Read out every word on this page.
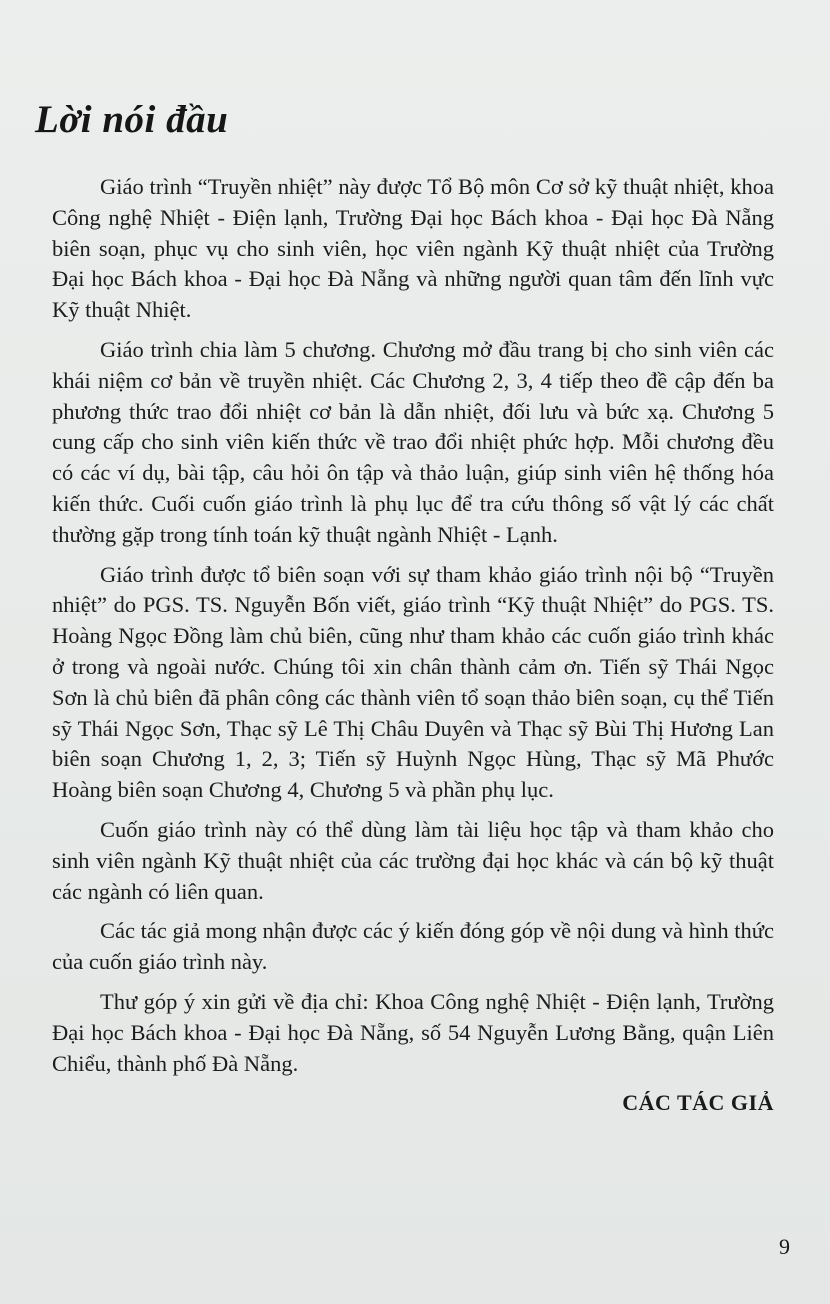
Lời nói đầu

Giáo trình “Truyền nhiệt” này được Tổ Bộ môn Cơ sở kỹ thuật nhiệt, khoa Công nghệ Nhiệt - Điện lạnh, Trường Đại học Bách khoa - Đại học Đà Nẵng biên soạn, phục vụ cho sinh viên, học viên ngành Kỹ thuật nhiệt của Trường Đại học Bách khoa - Đại học Đà Nẵng và những người quan tâm đến lĩnh vực Kỹ thuật Nhiệt.

Giáo trình chia làm 5 chương. Chương mở đầu trang bị cho sinh viên các khái niệm cơ bản về truyền nhiệt. Các Chương 2, 3, 4 tiếp theo đề cập đến ba phương thức trao đổi nhiệt cơ bản là dẫn nhiệt, đối lưu và bức xạ. Chương 5 cung cấp cho sinh viên kiến thức về trao đổi nhiệt phức hợp. Mỗi chương đều có các ví dụ, bài tập, câu hỏi ôn tập và thảo luận, giúp sinh viên hệ thống hóa kiến thức. Cuối cuốn giáo trình là phụ lục để tra cứu thông số vật lý các chất thường gặp trong tính toán kỹ thuật ngành Nhiệt - Lạnh.

Giáo trình được tổ biên soạn với sự tham khảo giáo trình nội bộ “Truyền nhiệt” do PGS. TS. Nguyễn Bốn viết, giáo trình “Kỹ thuật Nhiệt” do PGS. TS. Hoàng Ngọc Đồng làm chủ biên, cũng như tham khảo các cuốn giáo trình khác ở trong và ngoài nước. Chúng tôi xin chân thành cảm ơn. Tiến sỹ Thái Ngọc Sơn là chủ biên đã phân công các thành viên tổ soạn thảo biên soạn, cụ thể Tiến sỹ Thái Ngọc Sơn, Thạc sỹ Lê Thị Châu Duyên và Thạc sỹ Bùi Thị Hương Lan biên soạn Chương 1, 2, 3; Tiến sỹ Huỳnh Ngọc Hùng, Thạc sỹ Mã Phước Hoàng biên soạn Chương 4, Chương 5 và phần phụ lục.

Cuốn giáo trình này có thể dùng làm tài liệu học tập và tham khảo cho sinh viên ngành Kỹ thuật nhiệt của các trường đại học khác và cán bộ kỹ thuật các ngành có liên quan.

Các tác giả mong nhận được các ý kiến đóng góp về nội dung và hình thức của cuốn giáo trình này.

Thư góp ý xin gửi về địa chỉ: Khoa Công nghệ Nhiệt - Điện lạnh, Trường Đại học Bách khoa - Đại học Đà Nẵng, số 54 Nguyễn Lương Bằng, quận Liên Chiểu, thành phố Đà Nẵng.

CÁC TÁC GIẢ

9
